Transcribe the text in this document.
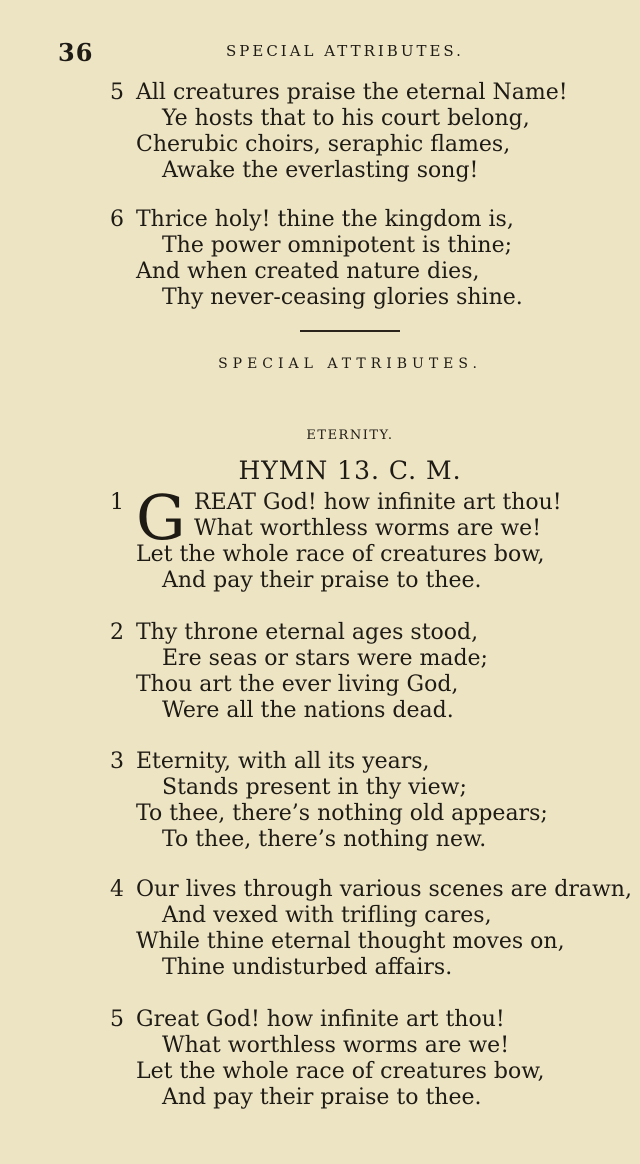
36	SPECIAL ATTRIBUTES.
5 All creatures praise the eternal Name!
Ye hosts that to his court belong,
Cherubic choirs, seraphic flames,
Awake the everlasting song!
6 Thrice holy! thine the kingdom is,
The power omnipotent is thine;
And when created nature dies,
Thy never-ceasing glories shine.
SPECIAL ATTRIBUTES.
ETERNITY.
HYMN 13. C. M.
G
1	REAT God! how infinite art thou!
What worthless worms are we!
Let the whole race of creatures bow,
And pay their praise to thee.
2 Thy throne eternal ages stood,
Ere seas or stars were made;
Thou art the ever living God,
Were all the nations dead.
3 Eternity, with all its years,
Stands present in thy view;
To thee, there’s nothing old appears;
To thee, there’s nothing new.
4 Our lives through various scenes are drawn,
And vexed with trifling cares,
While thine eternal thought moves on,
Thine undisturbed affairs.
5 Great God! how infinite art thou!
What worthless worms are we!
Let the whole race of creatures bow,
And pay their praise to thee.
